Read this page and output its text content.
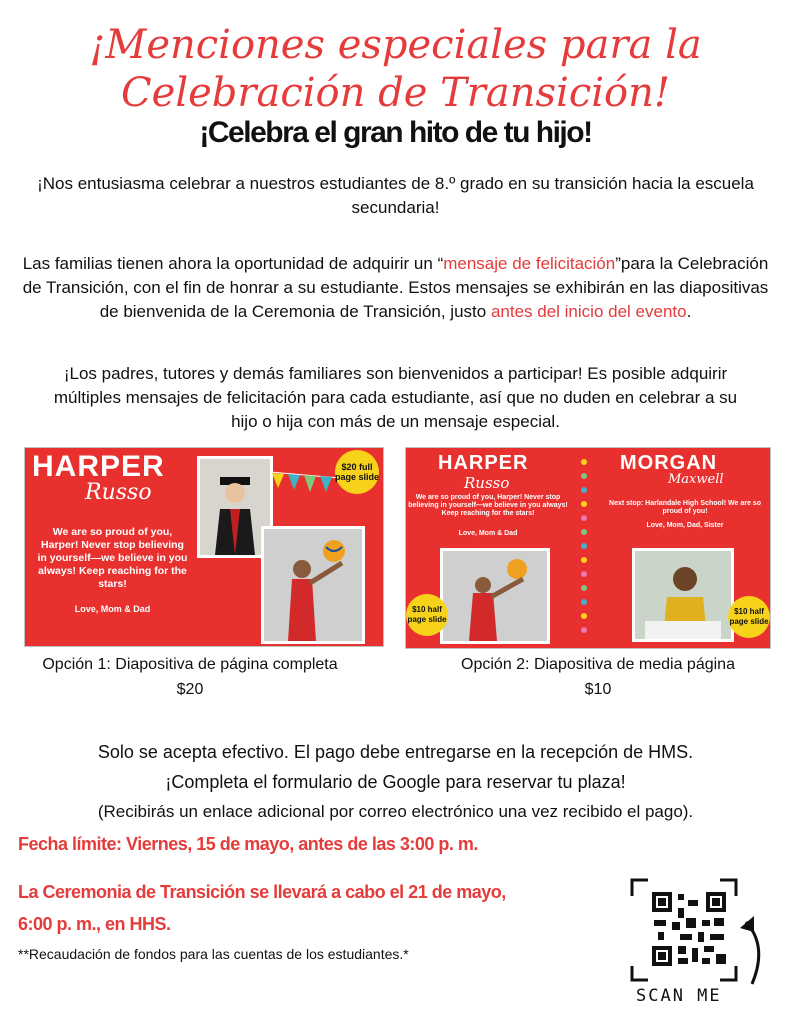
¡Menciones especiales para la
Celebración de Transición!
¡Celebra el gran hito de tu hijo!
¡Nos entusiasma celebrar a nuestros estudiantes de 8.º grado en su transición hacia la escuela secundaria!
Las familias tienen ahora la oportunidad de adquirir un “mensaje de felicitación”para la Celebración de Transición, con el fin de honrar a su estudiante. Estos mensajes se exhibirán en las diapositivas de bienvenida de la Ceremonia de Transición, justo antes del inicio del evento.
¡Los padres, tutores y demás familiares son bienvenidos a participar! Es posible adquirir múltiples mensajes de felicitación para cada estudiante, así que no duden en celebrar a su hijo o hija con más de un mensaje especial.
HARPER
Russo
We are so proud of you, Harper! Never stop believing in yourself—we believe in you always! Keep reaching for the stars!
Love, Mom & Dad
$20 full page slide
HARPER
Russo
We are so proud of you, Harper! Never stop believing in yourself—we believe in you always! Keep reaching for the stars!
Love, Mom & Dad
$10 half page slide
MORGAN
Maxwell
Next stop: Harlandale High School! We are so proud of you!
Love, Mom, Dad, Sister
$10 half page slide
Opción 1: Diapositiva de página completa
$20
Opción 2: Diapositiva de media página
$10
Solo se acepta efectivo. El pago debe entregarse en la recepción de HMS.
¡Completa el formulario de Google para reservar tu plaza!
(Recibirás un enlace adicional por correo electrónico una vez recibido el pago).
Fecha límite: Viernes, 15 de mayo, antes de las 3:00 p. m.
La Ceremonia de Transición se llevará a cabo el 21 de mayo,
6:00 p. m., en HHS.
**Recaudación de fondos para las cuentas de los estudiantes.*
SCAN ME
